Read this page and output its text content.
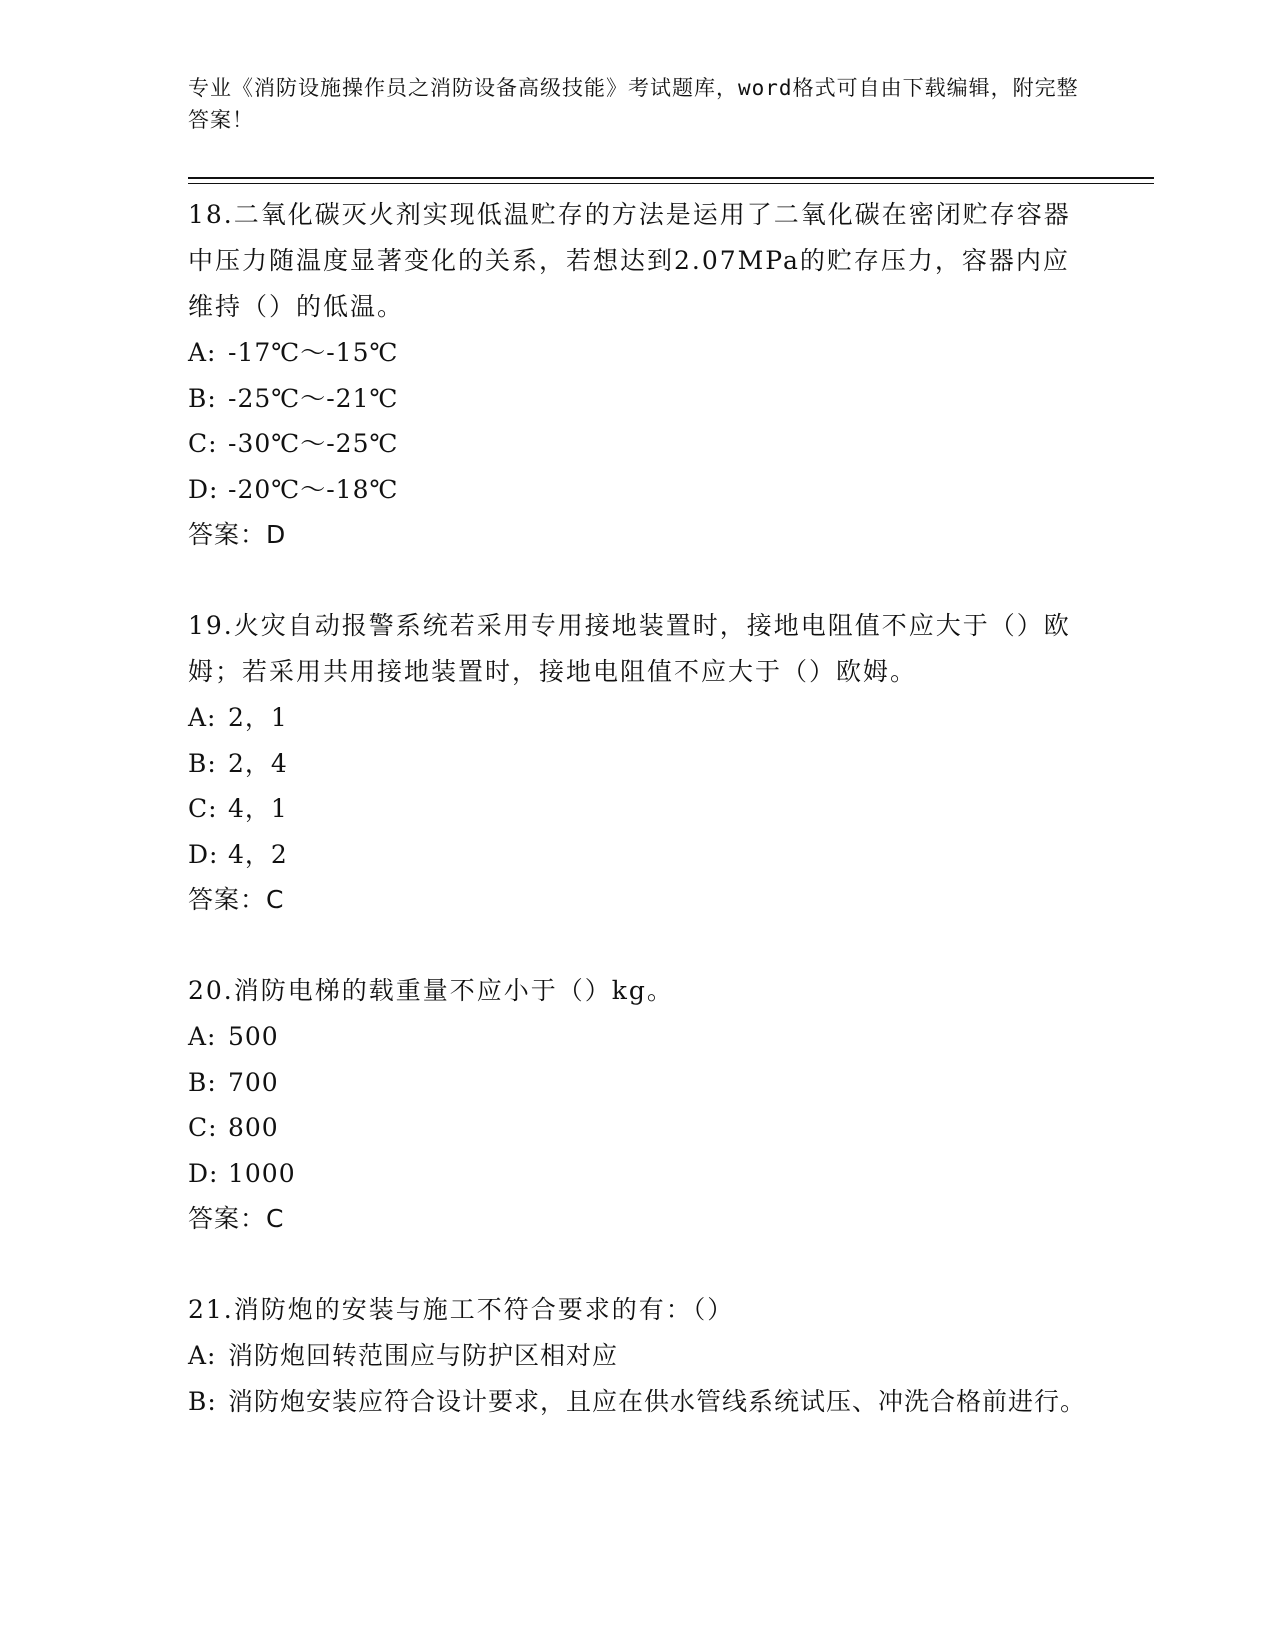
专业《消防设施操作员之消防设备高级技能》考试题库，word格式可自由下载编辑，附完整答案！

18.二氧化碳灭火剂实现低温贮存的方法是运用了二氧化碳在密闭贮存容器中压力随温度显著变化的关系，若想达到2.07MPa的贮存压力，容器内应维持（）的低温。

A: -17℃～-15℃

B: -25℃～-21℃

C: -30℃～-25℃

D: -20℃～-18℃

答案：D

19.火灾自动报警系统若采用专用接地装置时，接地电阻值不应大于（）欧姆；若采用共用接地装置时，接地电阻值不应大于（）欧姆。

A: 2，1

B: 2，4

C: 4，1

D: 4，2

答案：C

20.消防电梯的载重量不应小于（）kg。

A: 500

B: 700

C: 800

D: 1000

答案：C

21.消防炮的安装与施工不符合要求的有：（）

A: 消防炮回转范围应与防护区相对应

B: 消防炮安装应符合设计要求，且应在供水管线系统试压、冲洗合格前进行。
